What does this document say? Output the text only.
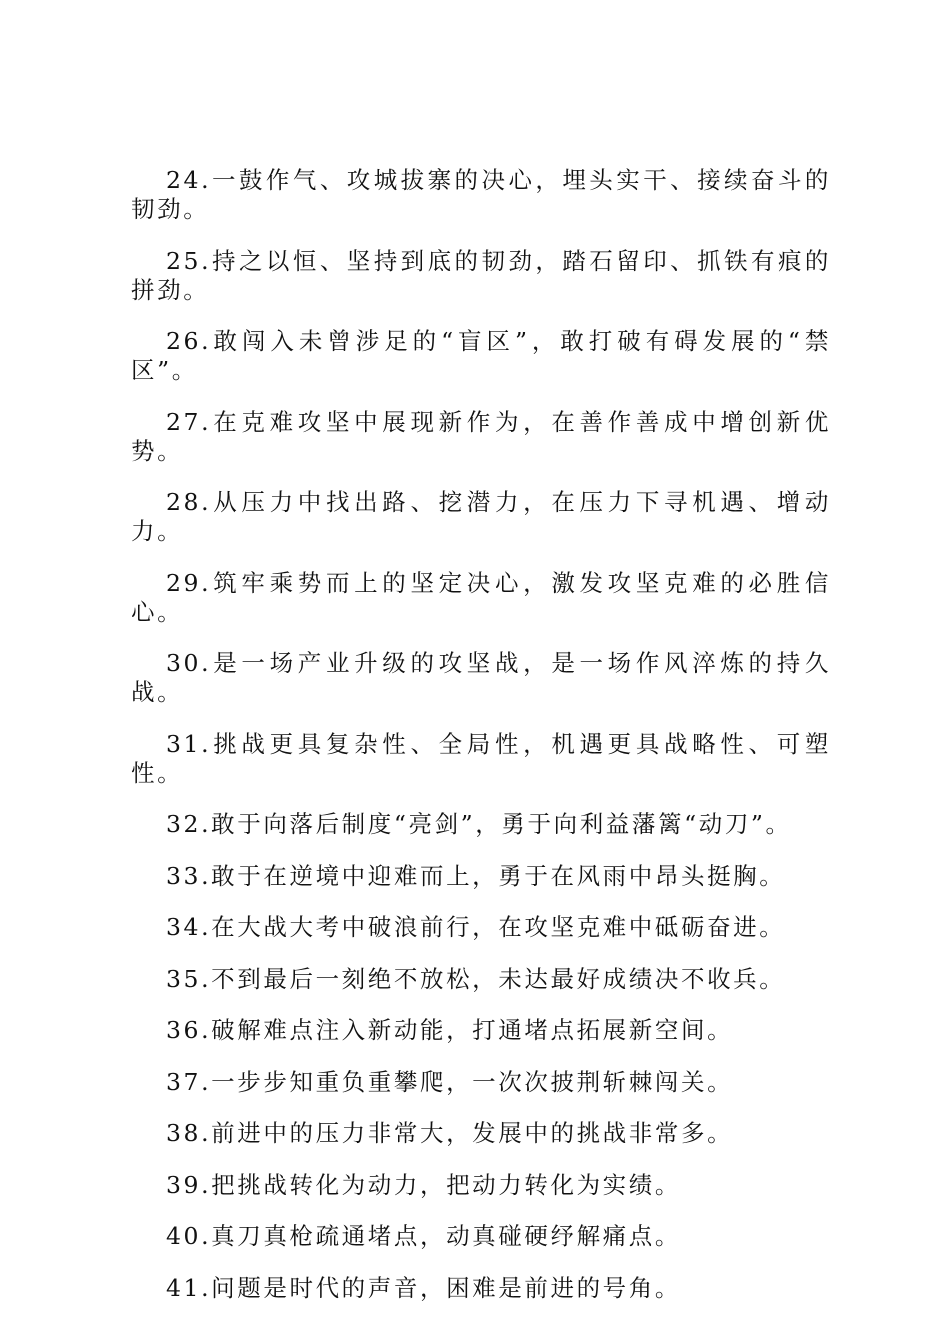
24.一鼓作气、攻城拔寨的决心，埋头实干、接续奋斗的韧劲。

25.持之以恒、坚持到底的韧劲，踏石留印、抓铁有痕的拼劲。

26.敢闯入未曾涉足的“盲区”，敢打破有碍发展的“禁区”。

27.在克难攻坚中展现新作为，在善作善成中增创新优势。

28.从压力中找出路、挖潜力，在压力下寻机遇、增动力。

29.筑牢乘势而上的坚定决心，激发攻坚克难的必胜信心。

30.是一场产业升级的攻坚战，是一场作风淬炼的持久战。

31.挑战更具复杂性、全局性，机遇更具战略性、可塑性。

32.敢于向落后制度“亮剑”，勇于向利益藩篱“动刀”。

33.敢于在逆境中迎难而上，勇于在风雨中昂头挺胸。

34.在大战大考中破浪前行，在攻坚克难中砥砺奋进。

35.不到最后一刻绝不放松，未达最好成绩决不收兵。

36.破解难点注入新动能，打通堵点拓展新空间。

37.一步步知重负重攀爬，一次次披荆斩棘闯关。

38.前进中的压力非常大，发展中的挑战非常多。

39.把挑战转化为动力，把动力转化为实绩。

40.真刀真枪疏通堵点，动真碰硬纾解痛点。

41.问题是时代的声音，困难是前进的号角。
